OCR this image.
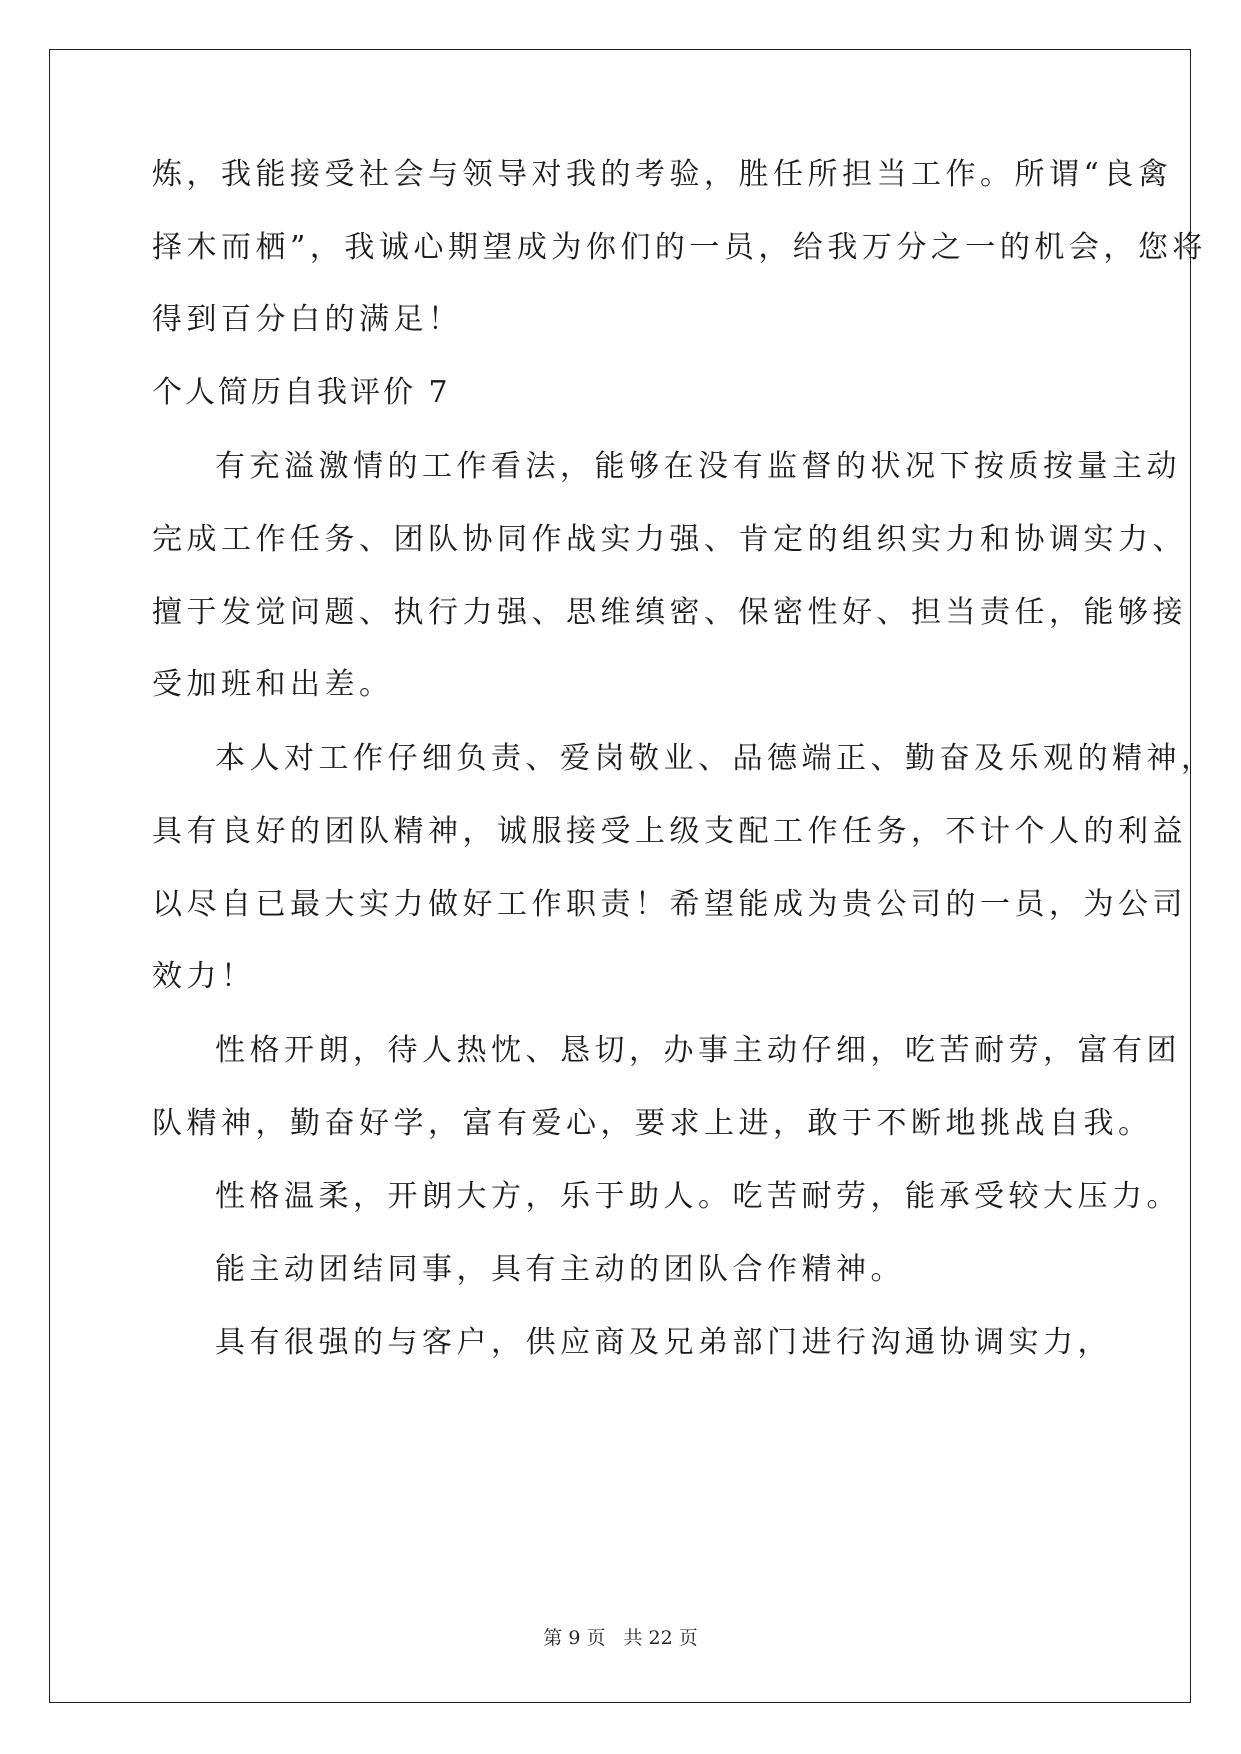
炼，我能接受社会与领导对我的考验，胜任所担当工作。所谓“良禽

择木而栖”，我诚心期望成为你们的一员，给我万分之一的机会，您将

得到百分白的满足！

个人简历自我评价 7

有充溢激情的工作看法，能够在没有监督的状况下按质按量主动

完成工作任务、团队协同作战实力强、肯定的组织实力和协调实力、

擅于发觉问题、执行力强、思维缜密、保密性好、担当责任，能够接

受加班和出差。

本人对工作仔细负责、爱岗敬业、品德端正、勤奋及乐观的精神，

具有良好的团队精神，诚服接受上级支配工作任务，不计个人的利益

以尽自已最大实力做好工作职责！希望能成为贵公司的一员，为公司

效力！

性格开朗，待人热忱、恳切，办事主动仔细，吃苦耐劳，富有团

队精神，勤奋好学，富有爱心，要求上进，敢于不断地挑战自我。

性格温柔，开朗大方，乐于助人。吃苦耐劳，能承受较大压力。

能主动团结同事，具有主动的团队合作精神。

具有很强的与客户，供应商及兄弟部门进行沟通协调实力，

第 9 页 共 22 页
